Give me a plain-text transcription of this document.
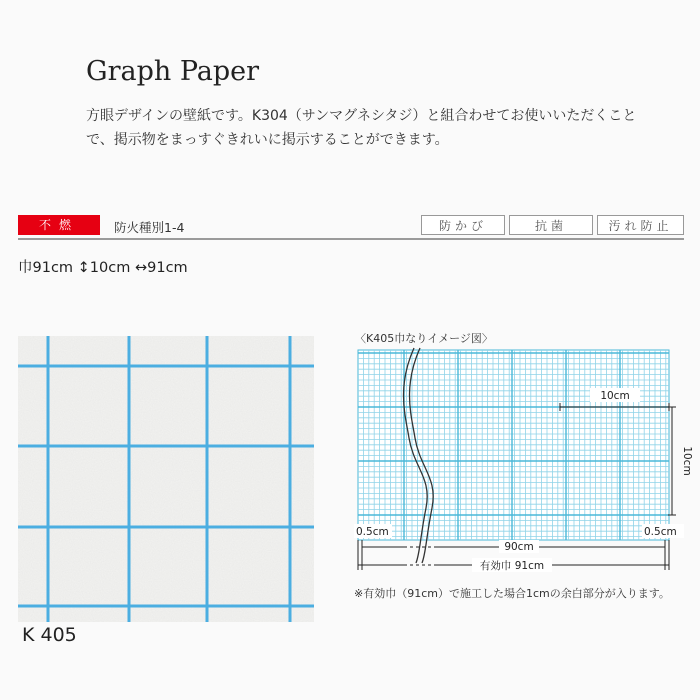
Graph Paper
方眼デザインの壁紙です。K304（サンマグネシタジ）と組合わせてお使いいただくことで、掲示物をまっすぐきれいに掲示することができます。
不燃	防火種別1-4	防かび	抗菌	汚れ防止
巾91cm ↕10cm ↔91cm
K 405
〈K405巾なりイメージ図〉
10cm
10cm
0.5cm	0.5cm
90cm
有効巾 91cm
※有効巾（91cm）で施工した場合1cmの余白部分が入ります。
